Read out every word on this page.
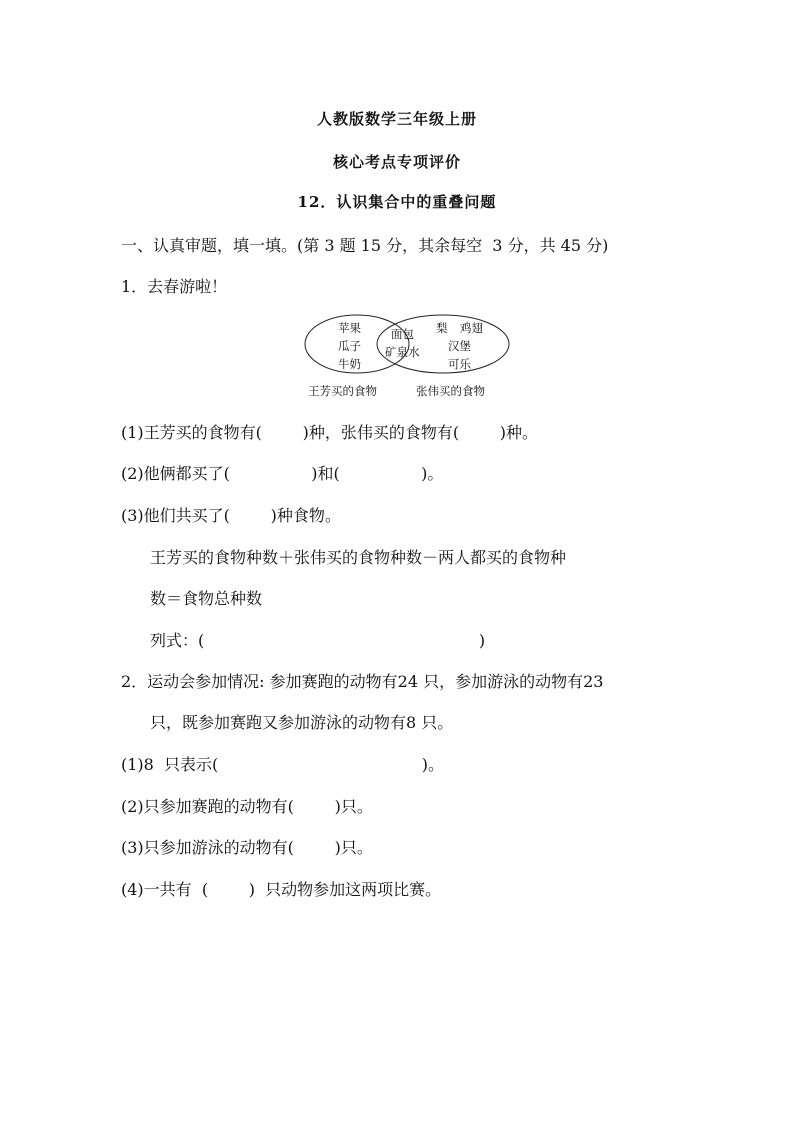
人教版数学三年级上册
核心考点专项评价
12．认识集合中的重叠问题
一、认真审题，填一填。(第 3 题 15 分，其余每空  3 分，共 45 分)
1．去春游啦！
苹果
瓜子
牛奶
面包
矿泉水
梨 鸡翅
汉堡
可乐
王芳买的食物	张伟买的食物
(1)王芳买的食物有(        )种，张伟买的食物有(        )种。
(2)他俩都买了(                )和(                )。
(3)他们共买了(        )种食物。
王芳买的食物种数＋张伟买的食物种数－两人都买的食物种
数＝食物总种数
列式：(                                                      )
2．运动会参加情况: 参加赛跑的动物有24 只，参加游泳的动物有23
只，既参加赛跑又参加游泳的动物有8 只。
(1)8  只表示(                                        )。
(2)只参加赛跑的动物有(        )只。
(3)只参加游泳的动物有(        )只。
(4)一共有  (        )  只动物参加这两项比赛。
